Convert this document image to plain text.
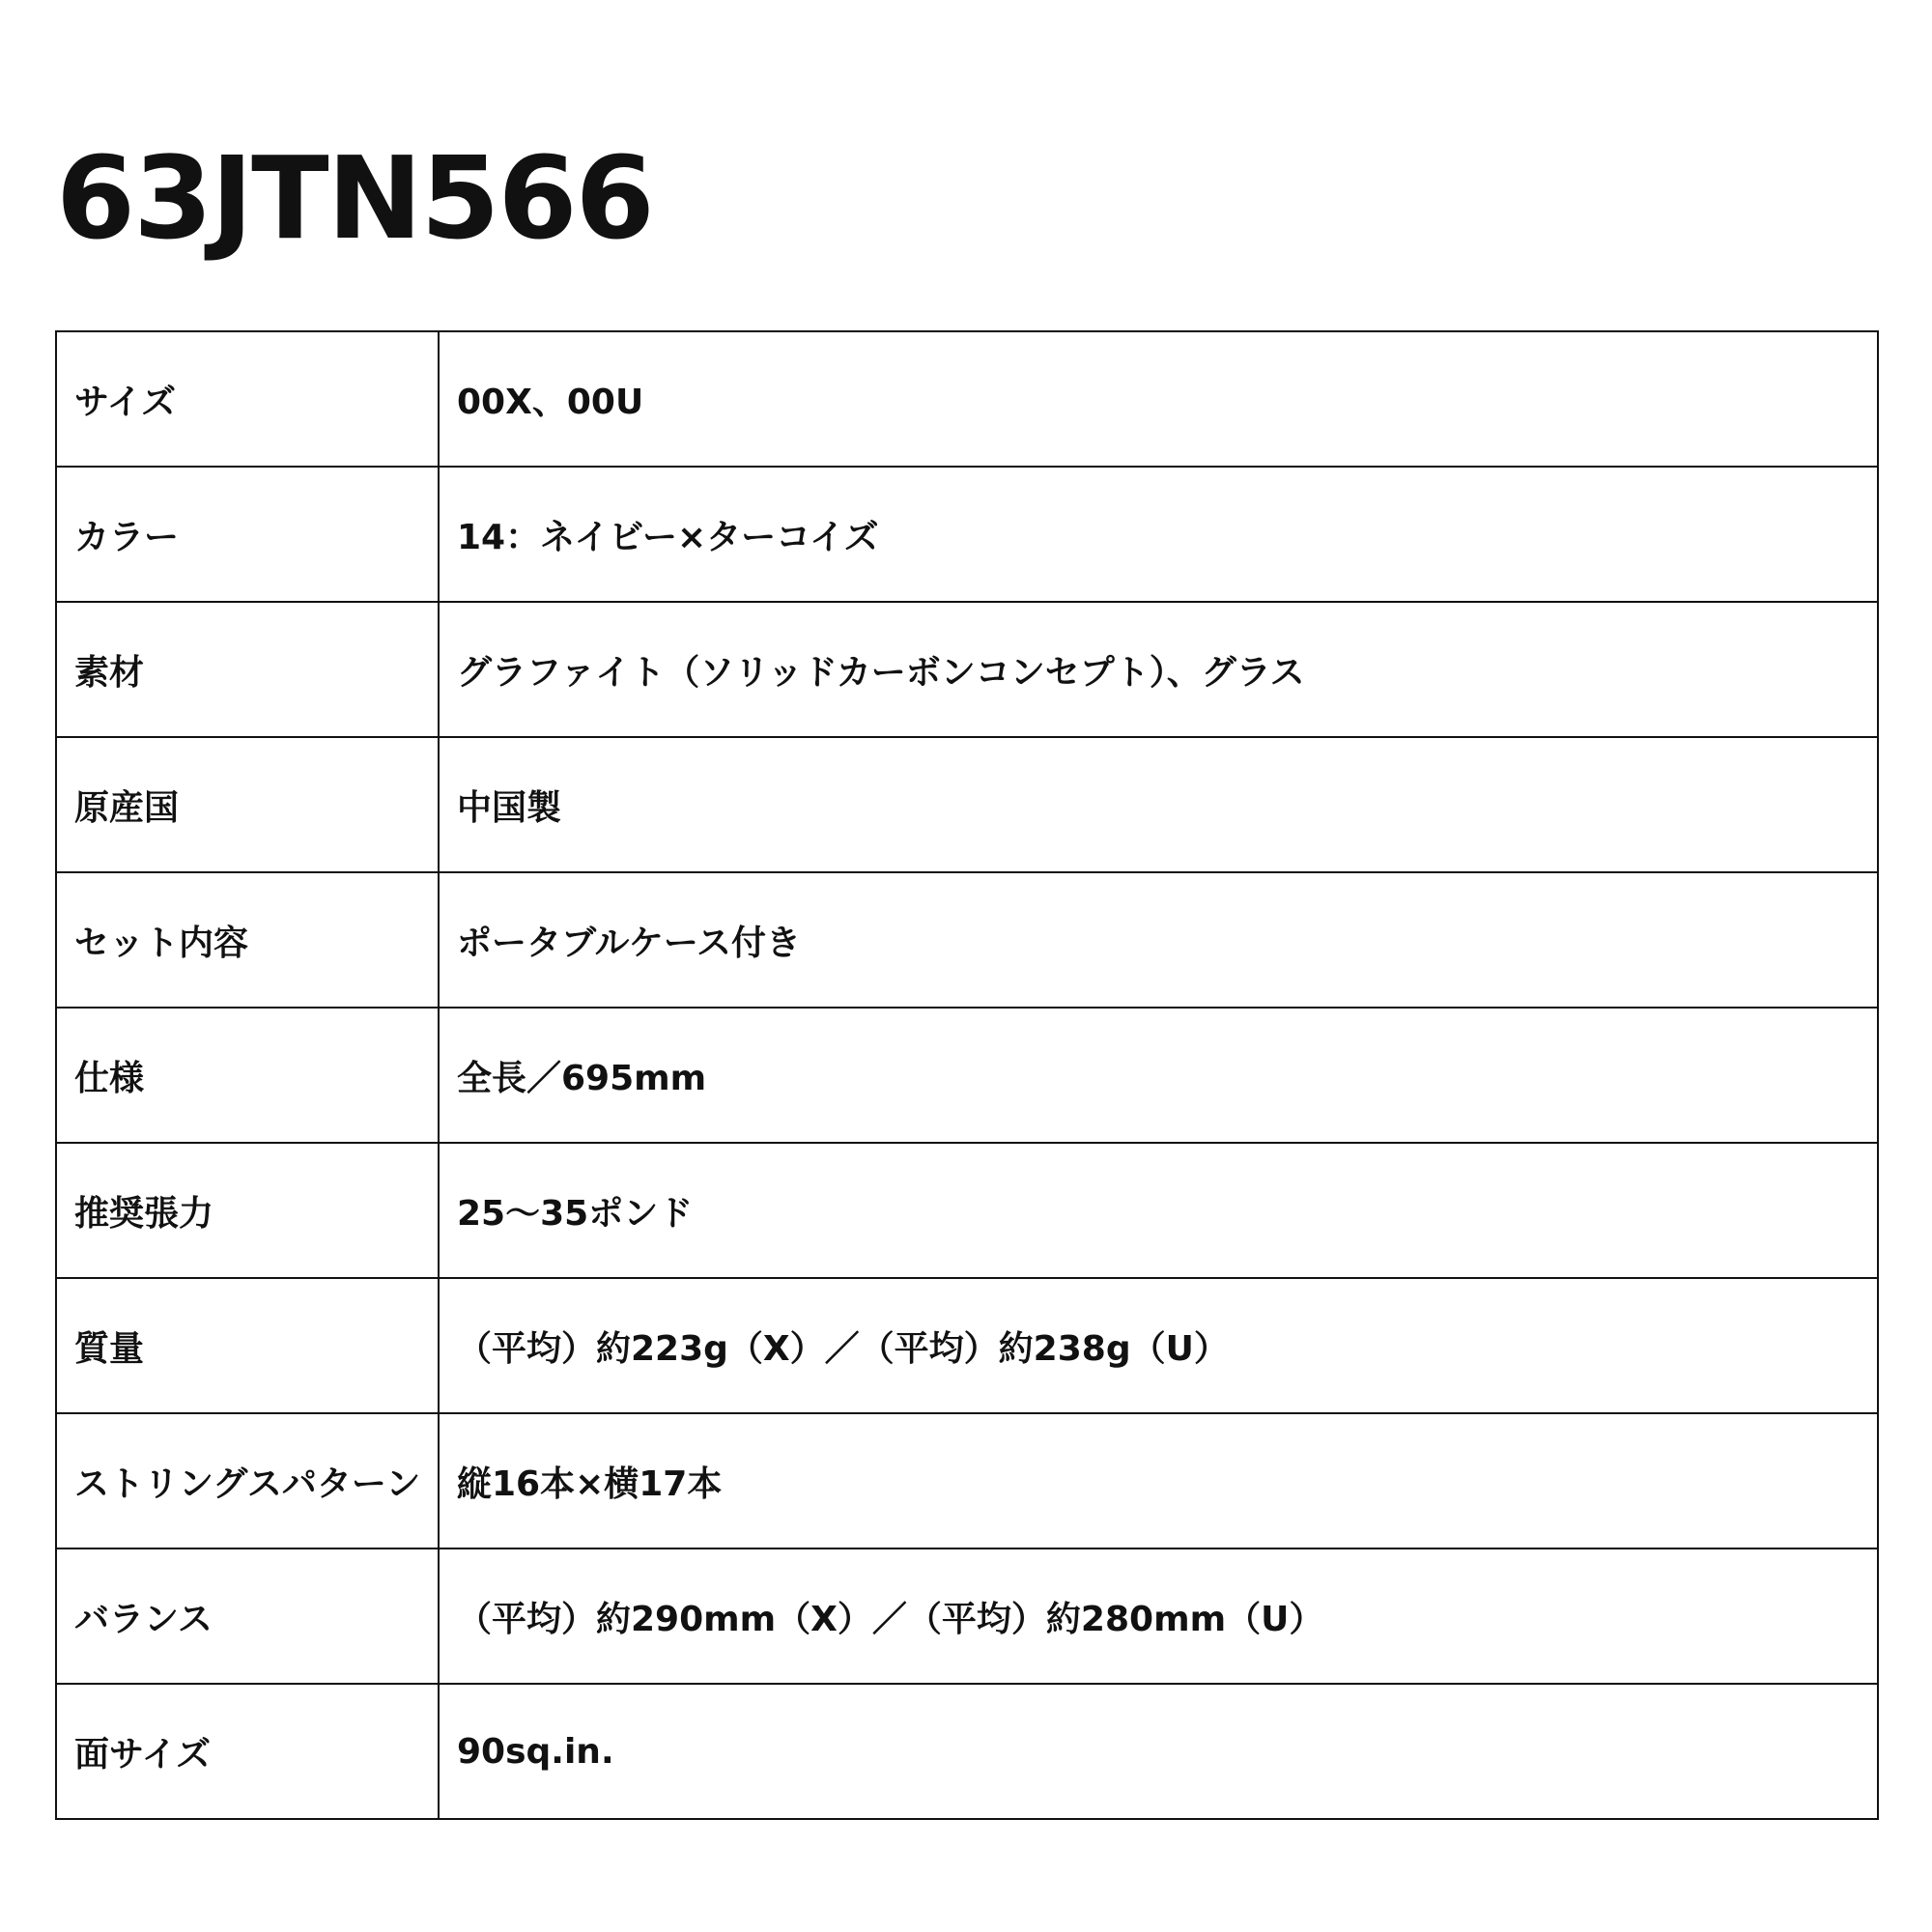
63JTN566
サイズ	00X、00U
カラー	14：ネイビー×ターコイズ
素材	グラファイト（ソリッドカーボンコンセプト）、グラス
原産国	中国製
セット内容	ポータブルケース付き
仕様	全長／695mm
推奨張力	25〜35ポンド
質量	（平均）約223g（X）／（平均）約238g（U）
ストリングスパターン	縦16本×横17本
バランス	（平均）約290mm（X）／（平均）約280mm（U）
面サイズ	90sq.in.
